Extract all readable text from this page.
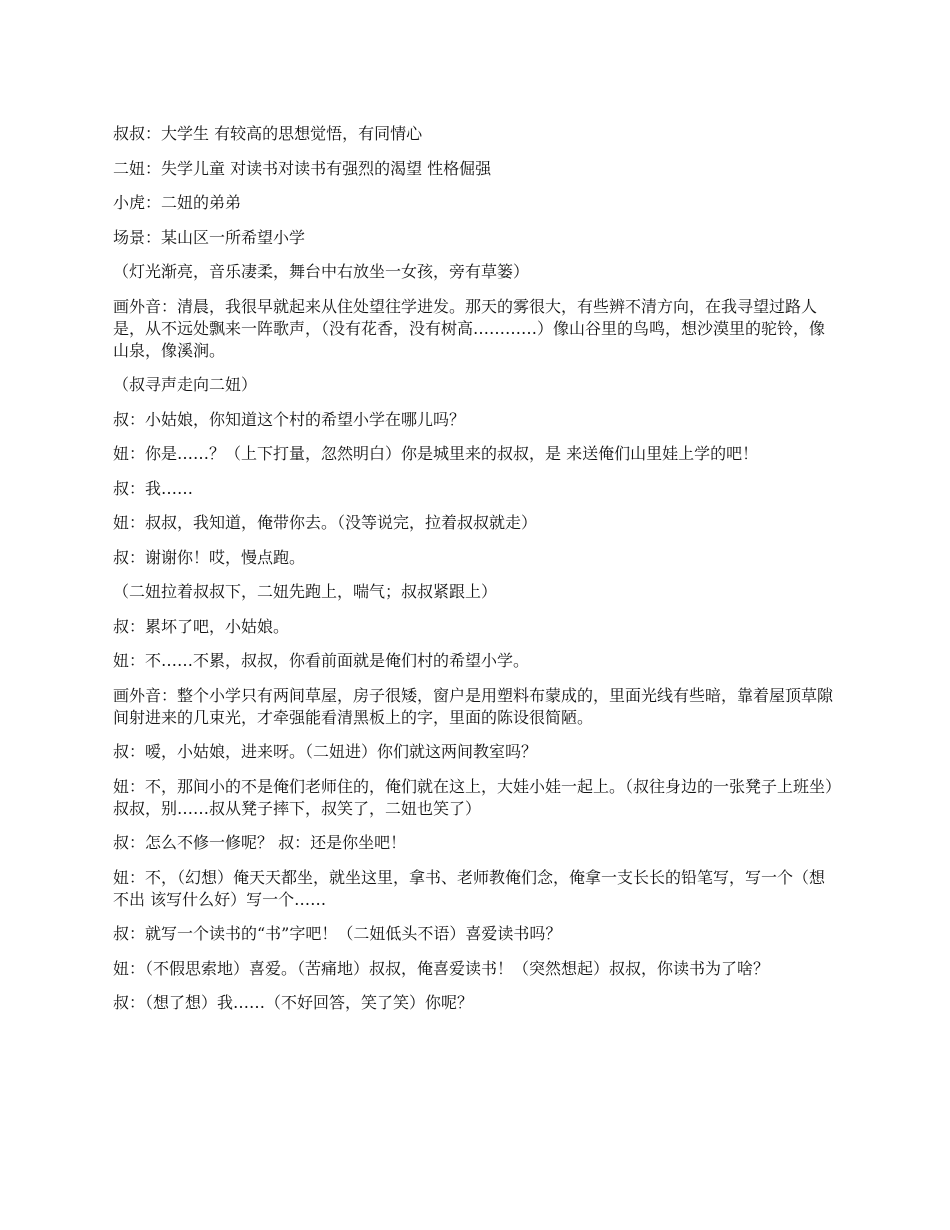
叔叔：大学生 有较高的思想觉悟，有同情心

二妞：失学儿童 对读书对读书有强烈的渴望 性格倔强

小虎：二妞的弟弟

场景：某山区一所希望小学

（灯光渐亮，音乐凄柔，舞台中右放坐一女孩，旁有草篓）

画外音：清晨，我很早就起来从住处望往学进发。那天的雾很大，有些辨不清方向，在我寻望过路人是，从不远处飘来一阵歌声，（没有花香，没有树高…………）像山谷里的鸟鸣，想沙漠里的驼铃，像山泉，像溪涧。

（叔寻声走向二妞）

叔：小姑娘，你知道这个村的希望小学在哪儿吗？

妞：你是……？（上下打量，忽然明白）你是城里来的叔叔，是 来送俺们山里娃上学的吧！

叔：我……

妞：叔叔，我知道，俺带你去。（没等说完，拉着叔叔就走）

叔：谢谢你！哎，慢点跑。

（二妞拉着叔叔下，二妞先跑上，喘气；叔叔紧跟上）

叔：累坏了吧，小姑娘。

妞：不……不累，叔叔，你看前面就是俺们村的希望小学。

画外音：整个小学只有两间草屋，房子很矮，窗户是用塑料布蒙成的，里面光线有些暗，靠着屋顶草隙间射进来的几束光，才牵强能看清黑板上的字，里面的陈设很简陋。

叔：嗳，小姑娘，进来呀。（二妞进）你们就这两间教室吗？

妞：不，那间小的不是俺们老师住的，俺们就在这上，大娃小娃一起上。（叔往身边的一张凳子上班坐）叔叔，别……叔从凳子摔下，叔笑了，二妞也笑了）

叔：怎么不修一修呢？ 叔：还是你坐吧！

妞：不，（幻想）俺天天都坐，就坐这里，拿书、老师教俺们念，俺拿一支长长的铅笔写，写一个（想不出 该写什么好）写一个……

叔：就写一个读书的“书”字吧！（二妞低头不语）喜爱读书吗？

妞：（不假思索地）喜爱。（苦痛地）叔叔，俺喜爱读书！（突然想起）叔叔，你读书为了啥？

叔：（想了想）我……（不好回答，笑了笑）你呢？
